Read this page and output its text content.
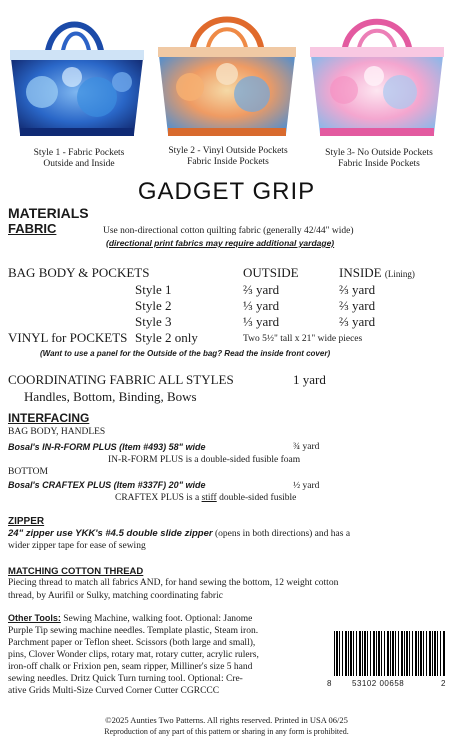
Style 1 - Fabric Pockets
Outside and Inside
Style 2 - Vinyl Outside Pockets
Fabric Inside Pockets
Style 3- No Outside Pockets
Fabric Inside Pockets
GADGET GRIP
MATERIALS
FABRIC	Use non-directional cotton quilting fabric (generally 42/44" wide)
(directional print fabrics may require additional yardage)
BAG BODY & POCKETS	OUTSIDE	INSIDE (Lining)
Style 1	⅔ yard	⅔ yard
Style 2	⅓ yard	⅔ yard
Style 3	⅓ yard	⅔ yard
VINYL for POCKETS Style 2 only	Two 5½" tall x 21" wide pieces
(Want to use a panel for the Outside of the bag? Read the inside front cover)
COORDINATING FABRIC ALL STYLES	1 yard
Handles, Bottom, Binding, Bows
INTERFACING
BAG BODY, HANDLES
Bosal's IN-R-FORM PLUS (Item #493) 58" wide	¾ yard
IN-R-FORM PLUS is a double-sided fusible foam
BOTTOM
Bosal's CRAFTEX PLUS (Item #337F) 20" wide	½ yard
CRAFTEX PLUS is a stiff double-sided fusible
ZIPPER
24" zipper use YKK's #4.5 double slide zipper (opens in both directions) and has a
wider zipper tape for ease of sewing
MATCHING COTTON THREAD
Piecing thread to match all fabrics AND, for hand sewing the bottom, 12 weight cotton
thread, by Aurifil or Sulky, matching coordinating fabric
Other Tools: Sewing Machine, walking foot. Optional: Janome
Purple Tip sewing machine needles. Template plastic, Steam iron.
Parchment paper or Teflon sheet. Scissors (both large and small),
pins, Clover Wonder clips, rotary mat, rotary cutter, acrylic rulers,
iron-off chalk or Frixion pen, seam ripper, Milliner's size 5 hand
sewing needles. Dritz Quick Turn turning tool. Optional: Cre-
ative Grids Multi-Size Curved Corner Cutter CGRCCC
8	53102 00658	2
©2025 Aunties Two Patterns. All rights reserved. Printed in USA 06/25
Reproduction of any part of this pattern or sharing in any form is prohibited.
